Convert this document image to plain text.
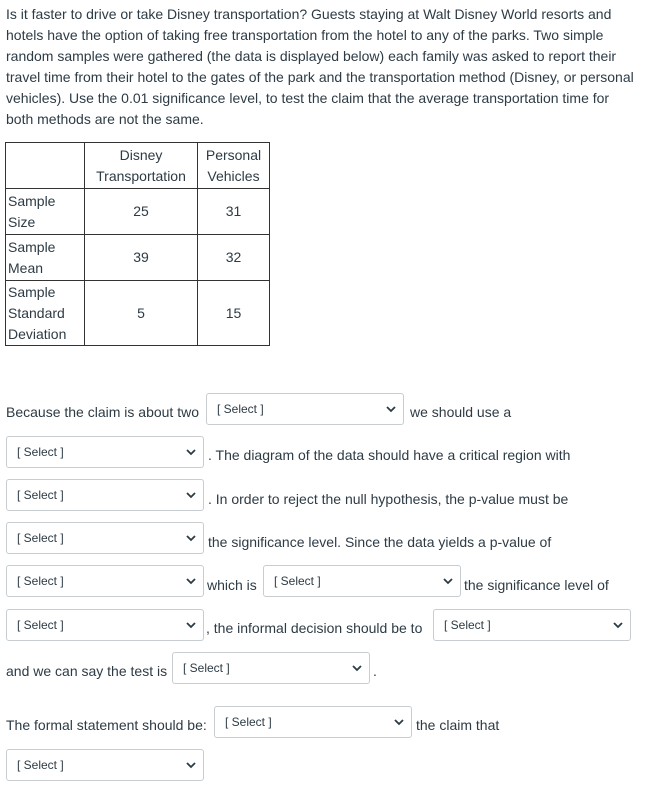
Is it faster to drive or take Disney transportation? Guests staying at Walt Disney World resorts and hotels have the option of taking free transportation from the hotel to any of the parks. Two simple random samples were gathered (the data is displayed below) each family was asked to report their travel time from their hotel to the gates of the park and the transportation method (Disney, or personal vehicles). Use the 0.01 significance level, to test the claim that the average transportation time for both methods are not the same.

	Disney Transportation	Personal Vehicles
Sample Size	25	31
Sample Mean	39	32
Sample Standard Deviation	5	15
Because the claim is about two [ Select ]	we should use a
[ Select ]	. The diagram of the data should have a critical region with
[ Select ]	. In order to reject the null hypothesis, the p-value must be
[ Select ]	the significance level. Since the data yields a p-value of
[ Select ]	which is [ Select ]	the significance level of
[ Select ]	, the informal decision should be to [ Select ]
and we can say the test is [ Select ]	.
The formal statement should be: [ Select ]	the claim that
[ Select ]
